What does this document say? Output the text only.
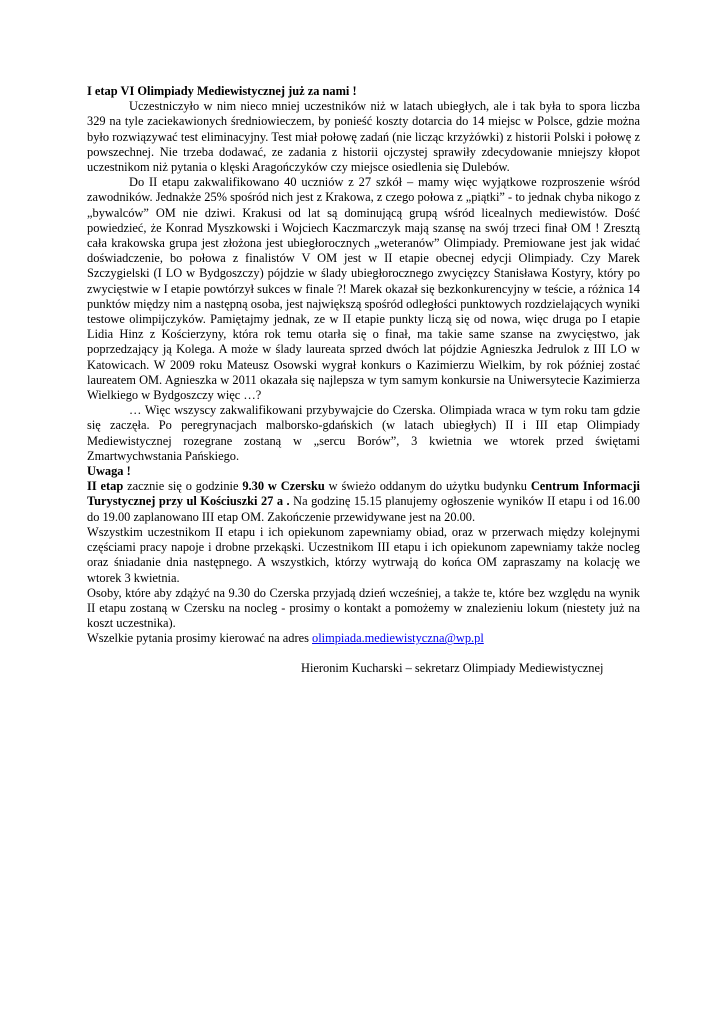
I etap VI Olimpiady Mediewistycznej już za nami !

Uczestniczyło w nim nieco mniej uczestników niż w latach ubiegłych, ale i tak była to spora liczba 329 na tyle zaciekawionych średniowieczem, by ponieść koszty dotarcia do 14 miejsc w Polsce, gdzie można było rozwiązywać test eliminacyjny. Test miał połowę zadań (nie licząc krzyżówki) z historii Polski i połowę z powszechnej. Nie trzeba dodawać, ze zadania z historii ojczystej sprawiły zdecydowanie mniejszy kłopot uczestnikom niż pytania o klęski Aragończyków czy miejsce osiedlenia się Dulebów.

Do II etapu zakwalifikowano 40 uczniów z 27 szkół – mamy więc wyjątkowe rozproszenie wśród zawodników. Jednakże 25% spośród nich jest z Krakowa, z czego połowa z „piątki” - to jednak chyba nikogo z „bywalców” OM nie dziwi. Krakusi od lat są dominującą grupą wśród licealnych mediewistów. Dość powiedzieć, że Konrad Myszkowski i Wojciech Kaczmarczyk mają szansę na swój trzeci finał OM ! Zresztą cała krakowska grupa jest złożona jest ubiegłorocznych „weteranów” Olimpiady. Premiowane jest jak widać doświadczenie, bo połowa z finalistów V OM jest w II etapie obecnej edycji Olimpiady. Czy Marek Szczygielski (I LO w Bydgoszczy) pójdzie w ślady ubiegłorocznego zwycięzcy Stanisława Kostyry, który po zwycięstwie w I etapie powtórzył sukces w finale ?! Marek okazał się bezkonkurencyjny w teście, a różnica 14 punktów między nim a następną osoba, jest największą spośród odległości punktowych rozdzielających wyniki testowe olimpijczyków. Pamiętajmy jednak, ze w II etapie punkty liczą się od nowa, więc druga po I etapie Lidia Hinz z Kościerzyny, która rok temu otarła się o finał, ma takie same szanse na zwycięstwo, jak poprzedzający ją Kolega. A może w ślady laureata sprzed dwóch lat pójdzie Agnieszka Jedrulok z III LO w Katowicach. W 2009 roku Mateusz Osowski wygrał konkurs o Kazimierzu Wielkim, by rok później zostać laureatem OM. Agnieszka w 2011 okazała się najlepsza w tym samym konkursie na Uniwersytecie Kazimierza Wielkiego w Bydgoszczy więc …?

… Więc wszyscy zakwalifikowani przybywajcie do Czerska. Olimpiada wraca w tym roku tam gdzie się zaczęła. Po peregrynacjach malborsko-gdańskich (w latach ubiegłych) II i III etap Olimpiady Mediewistycznej rozegrane zostaną w „sercu Borów”, 3 kwietnia we wtorek przed świętami Zmartwychwstania Pańskiego.

Uwaga !

II etap zacznie się o godzinie 9.30 w Czersku w świeżo oddanym do użytku budynku Centrum Informacji Turystycznej przy ul Kościuszki 27 a . Na godzinę 15.15 planujemy ogłoszenie wyników II etapu i od 16.00 do 19.00 zaplanowano III etap OM. Zakończenie przewidywane jest na 20.00.

Wszystkim uczestnikom II etapu i ich opiekunom zapewniamy obiad, oraz w przerwach między kolejnymi częściami pracy napoje i drobne przekąski. Uczestnikom III etapu i ich opiekunom zapewniamy także nocleg oraz śniadanie dnia następnego. A wszystkich, którzy wytrwają do końca OM zapraszamy na kolację we wtorek 3 kwietnia.

Osoby, które aby zdążyć na 9.30 do Czerska przyjadą dzień wcześniej, a także te, które bez względu na wynik II etapu zostaną w Czersku na nocleg - prosimy o kontakt a pomożemy w znalezieniu lokum (niestety już na koszt uczestnika).

Wszelkie pytania prosimy kierować na adres olimpiada.mediewistyczna@wp.pl

Hieronim Kucharski – sekretarz Olimpiady Mediewistycznej
